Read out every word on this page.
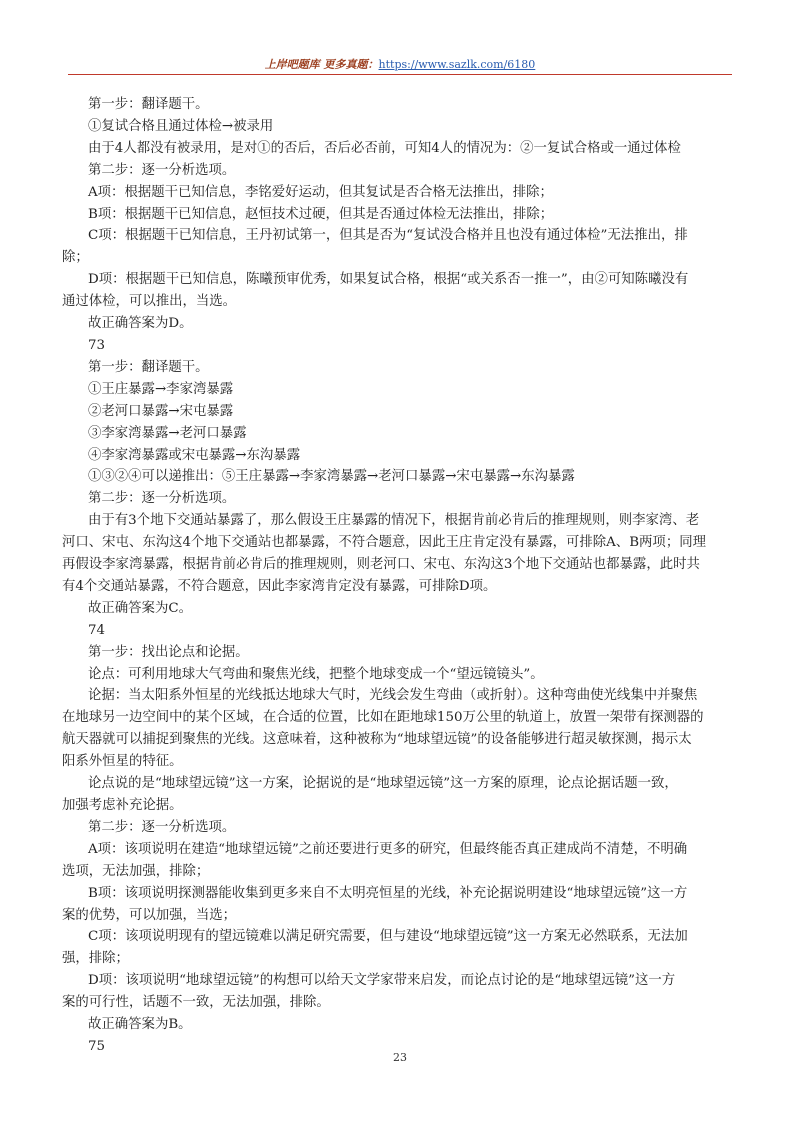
上岸吧题库 更多真题：https://www.sazlk.com/6180

第一步：翻译题干。

①复试合格且通过体检→被录用

由于4人都没有被录用，是对①的否后，否后必否前，可知4人的情况为：②一复试合格或一通过体检

第二步：逐一分析选项。

A项：根据题干已知信息，李铭爱好运动，但其复试是否合格无法推出，排除；

B项：根据题干已知信息，赵恒技术过硬，但其是否通过体检无法推出，排除；

C项：根据题干已知信息，王丹初试第一，但其是否为“复试没合格并且也没有通过体检”无法推出，排

除；

D项：根据题干已知信息，陈曦预审优秀，如果复试合格，根据“或关系否一推一”，由②可知陈曦没有

通过体检，可以推出，当选。

故正确答案为D。

73

第一步：翻译题干。

①王庄暴露→李家湾暴露

②老河口暴露→宋屯暴露

③李家湾暴露→老河口暴露

④李家湾暴露或宋屯暴露→东沟暴露

①③②④可以递推出：⑤王庄暴露→李家湾暴露→老河口暴露→宋屯暴露→东沟暴露

第二步：逐一分析选项。

由于有3个地下交通站暴露了，那么假设王庄暴露的情况下，根据肯前必肯后的推理规则，则李家湾、老

河口、宋屯、东沟这4个地下交通站也都暴露，不符合题意，因此王庄肯定没有暴露，可排除A、B两项；同理

再假设李家湾暴露，根据肯前必肯后的推理规则，则老河口、宋屯、东沟这3个地下交通站也都暴露，此时共

有4个交通站暴露，不符合题意，因此李家湾肯定没有暴露，可排除D项。

故正确答案为C。

74

第一步：找出论点和论据。

论点：可利用地球大气弯曲和聚焦光线，把整个地球变成一个“望远镜镜头”。

论据：当太阳系外恒星的光线抵达地球大气时，光线会发生弯曲（或折射）。这种弯曲使光线集中并聚焦

在地球另一边空间中的某个区域，在合适的位置，比如在距地球150万公里的轨道上，放置一架带有探测器的

航天器就可以捕捉到聚焦的光线。这意味着，这种被称为“地球望远镜”的设备能够进行超灵敏探测，揭示太

阳系外恒星的特征。

论点说的是“地球望远镜”这一方案，论据说的是“地球望远镜”这一方案的原理，论点论据话题一致，

加强考虑补充论据。

第二步：逐一分析选项。

A项：该项说明在建造“地球望远镜”之前还要进行更多的研究，但最终能否真正建成尚不清楚，不明确

选项，无法加强，排除；

B项：该项说明探测器能收集到更多来自不太明亮恒星的光线，补充论据说明建设“地球望远镜”这一方

案的优势，可以加强，当选；

C项：该项说明现有的望远镜难以满足研究需要，但与建设“地球望远镜”这一方案无必然联系，无法加

强，排除；

D项：该项说明“地球望远镜”的构想可以给天文学家带来启发，而论点讨论的是“地球望远镜”这一方

案的可行性，话题不一致，无法加强，排除。

故正确答案为B。

75

23
